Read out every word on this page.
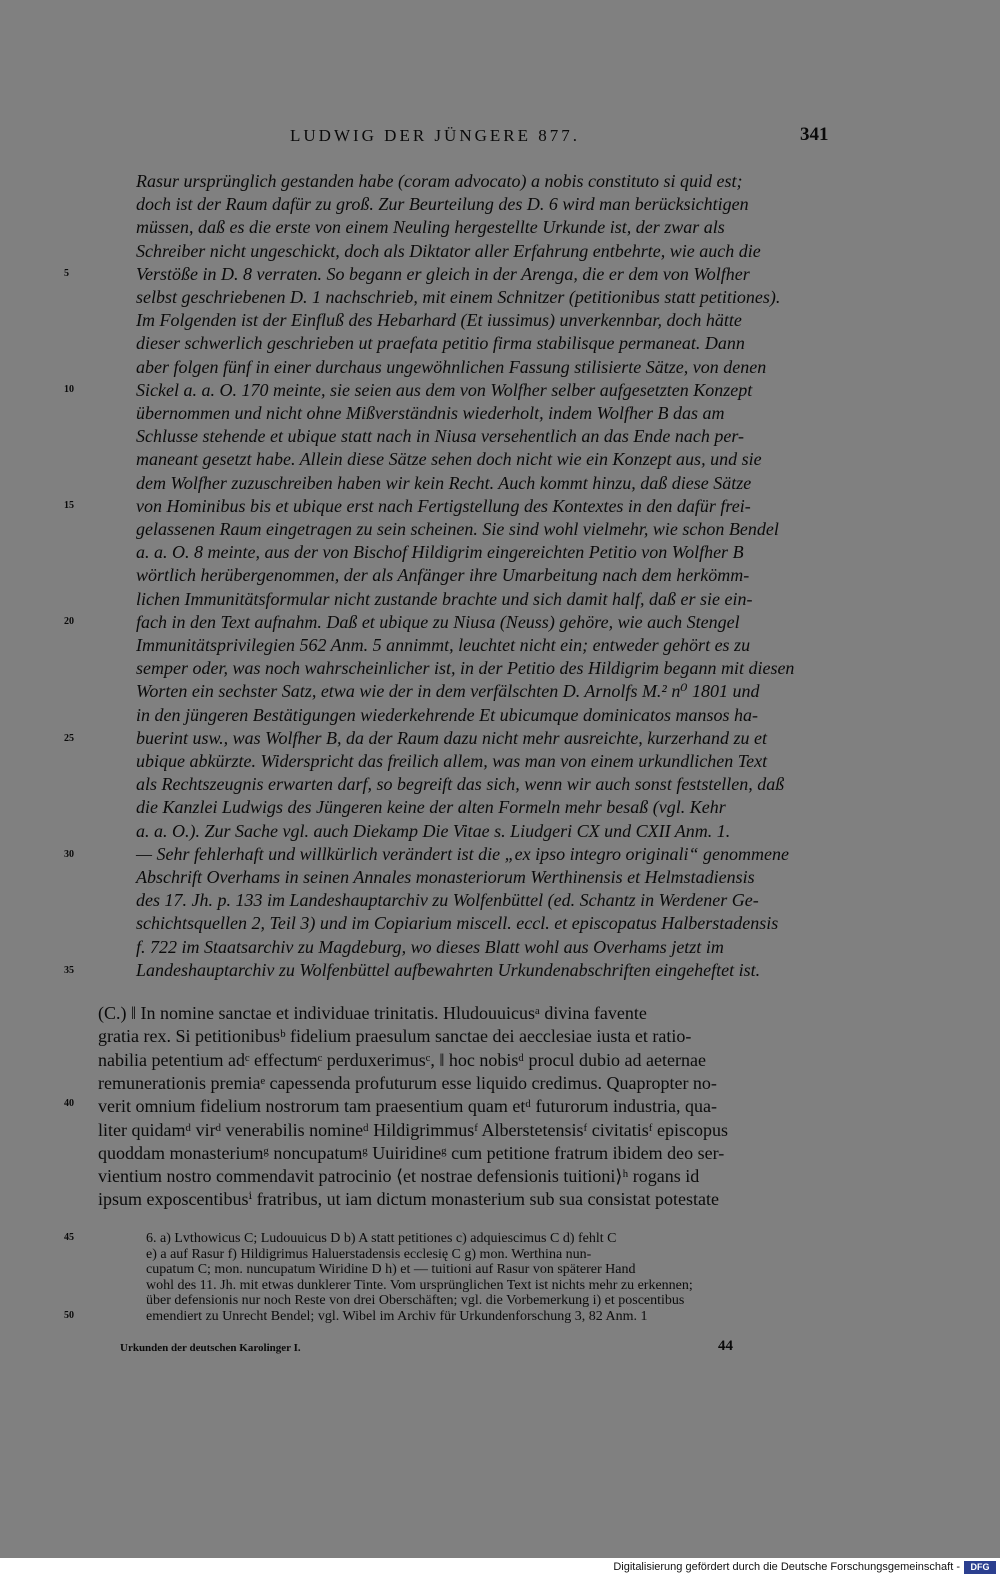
LUDWIG DER JÜNGERE 877.	341
Rasur ursprünglich gestanden habe (coram advocato) a nobis constituto si quid est;
doch ist der Raum dafür zu groß. Zur Beurteilung des D. 6 wird man berücksichtigen
müssen, daß es die erste von einem Neuling hergestellte Urkunde ist, der zwar als
Schreiber nicht ungeschickt, doch als Diktator aller Erfahrung entbehrte, wie auch die
Verstöße in D. 8 verraten. So begann er gleich in der Arenga, die er dem von Wolfher
selbst geschriebenen D. 1 nachschrieb, mit einem Schnitzer (petitionibus statt petitiones).
Im Folgenden ist der Einfluß des Hebarhard (Et iussimus) unverkennbar, doch hätte
dieser schwerlich geschrieben ut praefata petitio firma stabilisque permaneat. Dann
aber folgen fünf in einer durchaus ungewöhnlichen Fassung stilisierte Sätze, von denen
Sickel a. a. O. 170 meinte, sie seien aus dem von Wolfher selber aufgesetzten Konzept
übernommen und nicht ohne Mißverständnis wiederholt, indem Wolfher B das am
Schlusse stehende et ubique statt nach in Niusa versehentlich an das Ende nach per-
maneant gesetzt habe. Allein diese Sätze sehen doch nicht wie ein Konzept aus, und sie
dem Wolfher zuzuschreiben haben wir kein Recht. Auch kommt hinzu, daß diese Sätze
von Hominibus bis et ubique erst nach Fertigstellung des Kontextes in den dafür frei-
gelassenen Raum eingetragen zu sein scheinen. Sie sind wohl vielmehr, wie schon Bendel
a. a. O. 8 meinte, aus der von Bischof Hildigrim eingereichten Petitio von Wolfher B
wörtlich herübergenommen, der als Anfänger ihre Umarbeitung nach dem herkömm-
lichen Immunitätsformular nicht zustande brachte und sich damit half, daß er sie ein-
fach in den Text aufnahm. Daß et ubique zu Niusa (Neuss) gehöre, wie auch Stengel
Immunitätsprivilegien 562 Anm. 5 annimmt, leuchtet nicht ein; entweder gehört es zu
semper oder, was noch wahrscheinlicher ist, in der Petitio des Hildigrim begann mit diesen
Worten ein sechster Satz, etwa wie der in dem verfälschten D. Arnolfs M.² n⁰ 1801 und
in den jüngeren Bestätigungen wiederkehrende Et ubicumque dominicatos mansos ha-
buerint usw., was Wolfher B, da der Raum dazu nicht mehr ausreichte, kurzerhand zu et
ubique abkürzte. Widerspricht das freilich allem, was man von einem urkundlichen Text
als Rechtszeugnis erwarten darf, so begreift das sich, wenn wir auch sonst feststellen, daß
die Kanzlei Ludwigs des Jüngeren keine der alten Formeln mehr besaß (vgl. Kehr
a. a. O.). Zur Sache vgl. auch Diekamp Die Vitae s. Liudgeri CX und CXII Anm. 1.
— Sehr fehlerhaft und willkürlich verändert ist die „ex ipso integro originali“ genommene
Abschrift Overhams in seinen Annales monasteriorum Werthinensis et Helmstadiensis
des 17. Jh. p. 133 im Landeshauptarchiv zu Wolfenbüttel (ed. Schantz in Werdener Ge-
schichtsquellen 2, Teil 3) und im Copiarium miscell. eccl. et episcopatus Halberstadensis
f. 722 im Staatsarchiv zu Magdeburg, wo dieses Blatt wohl aus Overhams jetzt im
Landeshauptarchiv zu Wolfenbüttel aufbewahrten Urkundenabschriften eingeheftet ist.
(C.) ‖ In nomine sanctae et individuae trinitatis. Hludouuicusᵃ divina favente
gratia rex. Si petitionibusᵇ fidelium praesulum sanctae dei aecclesiae iusta et ratio-
nabilia petentium adᶜ effectumᶜ perduxerimusᶜ, ‖ hoc nobisᵈ procul dubio ad aeternae
remunerationis premiaᵉ capessenda profuturum esse liquido credimus. Quapropter no-
verit omnium fidelium nostrorum tam praesentium quam etᵈ futurorum industria, qua-
liter quidamᵈ virᵈ venerabilis nomineᵈ Hildigrimmusᶠ Alberstetensisᶠ civitatisᶠ episcopus
quoddam monasteriumᵍ noncupatumᵍ Uuiridineᵍ cum petitione fratrum ibidem deo ser-
vientium nostro commendavit patrocinio ⟨et nostrae defensionis tuitioni⟩ʰ rogans id
ipsum exposcentibusⁱ fratribus, ut iam dictum monasterium sub sua consistat potestate
6. a) Lvthowicus C; Ludouuicus D b) A statt petitiones c) adquiescimus C d) fehlt C
e) a auf Rasur f) Hildigrimus Haluerstadensis ecclesię C g) mon. Werthina nun-
cupatum C; mon. nuncupatum Wiridine D h) et — tuitioni auf Rasur von späterer Hand
wohl des 11. Jh. mit etwas dunklerer Tinte. Vom ursprünglichen Text ist nichts mehr zu erkennen;
über defensionis nur noch Reste von drei Oberschäften; vgl. die Vorbemerkung i) et poscentibus
emendiert zu Unrecht Bendel; vgl. Wibel im Archiv für Urkundenforschung 3, 82 Anm. 1
5
10
15
20
25
30
35
40
45
50
Urkunden der deutschen Karolinger I.	44
Digitalisierung gefördert durch die Deutsche Forschungsgemeinschaft -	DFG
